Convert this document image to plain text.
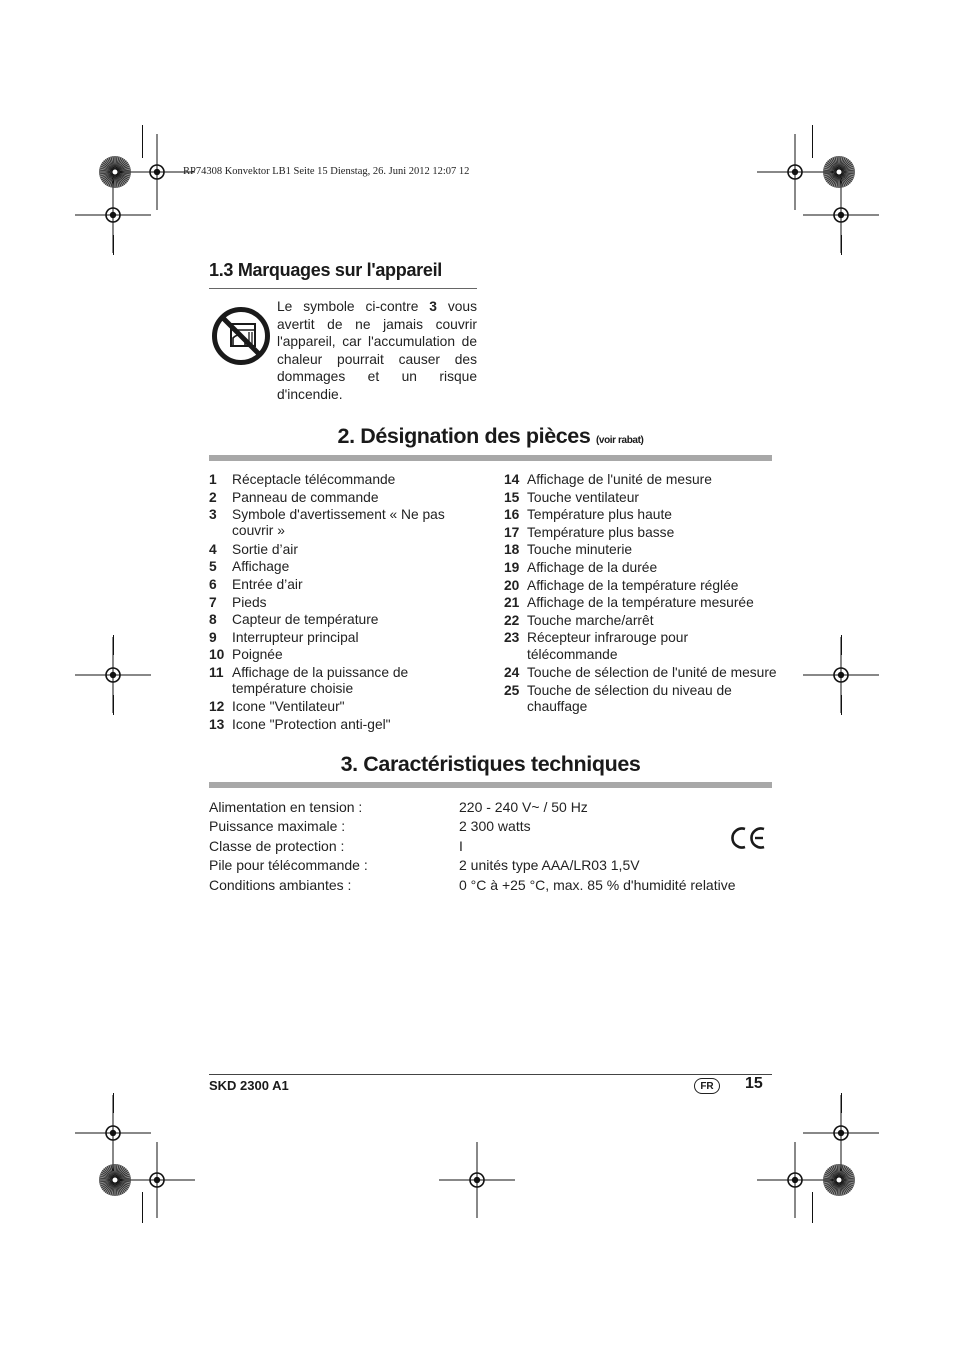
RP74308 Konvektor LB1 Seite 15 Dienstag, 26. Juni 2012 12:07 12
1.3 Marquages sur l'appareil
Le symbole ci-contre 3 vous avertit de ne jamais couvrir l'appareil, car l'accumulation de chaleur pourrait causer des dommages et un risque d'incendie.
2. Désignation des pièces (voir rabat)
1 Réceptacle télécommande
2 Panneau de commande
3 Symbole d'avertissement « Ne pas couvrir »
4 Sortie d’air
5 Affichage
6 Entrée d’air
7 Pieds
8 Capteur de température
9 Interrupteur principal
10 Poignée
11 Affichage de la puissance de température choisie
12 Icone "Ventilateur"
13 Icone "Protection anti-gel"
14 Affichage de l'unité de mesure
15 Touche ventilateur
16 Température plus haute
17 Température plus basse
18 Touche minuterie
19 Affichage de la durée
20 Affichage de la température réglée
21 Affichage de la température mesurée
22 Touche marche/arrêt
23 Récepteur infrarouge pour télécommande
24 Touche de sélection de l'unité de mesure
25 Touche de sélection du niveau de chauffage
3. Caractéristiques techniques
Alimentation en tension :	220 - 240 V~ / 50 Hz
Puissance maximale :	2 300 watts
Classe de protection :	I
Pile pour télécommande :	2 unités type AAA/LR03 1,5V
Conditions ambiantes :	0 °C à +25 °C, max. 85 % d'humidité relative
SKD 2300 A1	FR	15
